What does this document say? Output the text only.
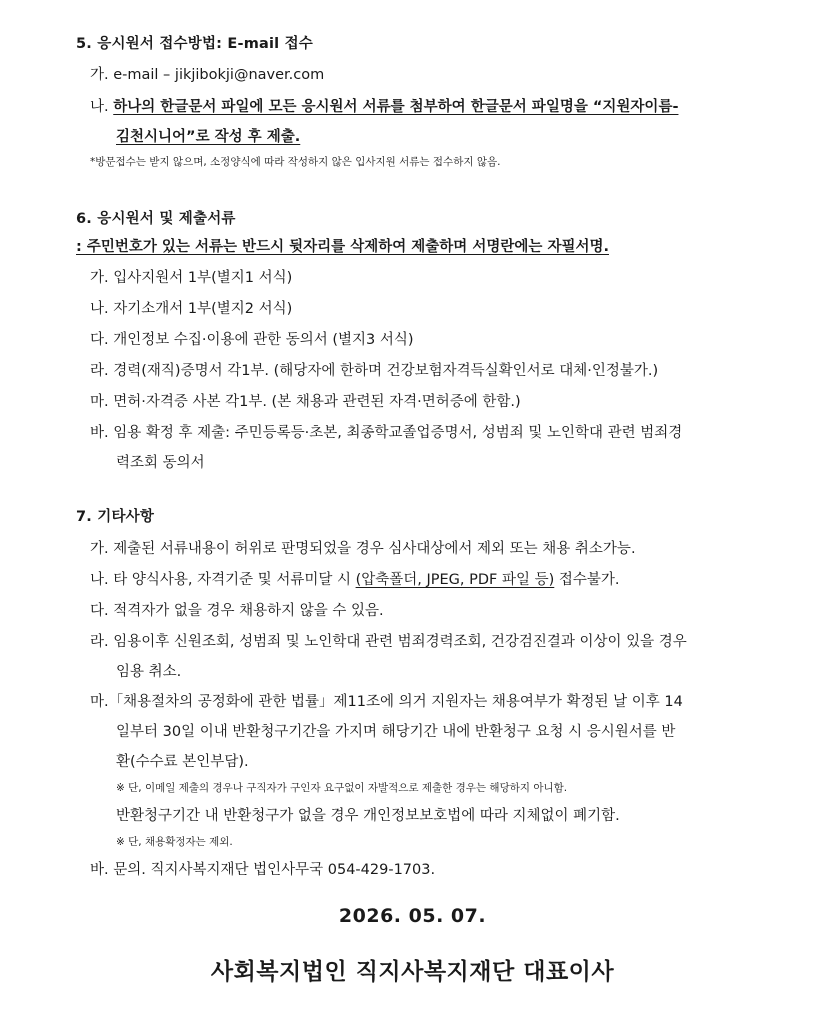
5. 응시원서 접수방법: E-mail 접수
가. e-mail – jikjibokji@naver.com
나. 하나의 한글문서 파일에 모든 응시원서 서류를 첨부하여 한글문서 파일명을 “지원자이름-
김천시니어”로 작성 후 제출.
*방문접수는 받지 않으며, 소정양식에 따라 작성하지 않은 입사지원 서류는 접수하지 않음.
6. 응시원서 및 제출서류
: 주민번호가 있는 서류는 반드시 뒷자리를 삭제하여 제출하며 서명란에는 자필서명.
가. 입사지원서 1부(별지1 서식)
나. 자기소개서 1부(별지2 서식)
다. 개인정보 수집·이용에 관한 동의서 (별지3 서식)
라. 경력(재직)증명서 각1부. (해당자에 한하며 건강보험자격득실확인서로 대체·인정불가.)
마. 면허·자격증 사본 각1부. (본 채용과 관련된 자격·면허증에 한함.)
바. 임용 확정 후 제출: 주민등록등·초본, 최종학교졸업증명서, 성범죄 및 노인학대 관련 범죄경
력조회 동의서
7. 기타사항
가. 제출된 서류내용이 허위로 판명되었을 경우 심사대상에서 제외 또는 채용 취소가능.
나. 타 양식사용, 자격기준 및 서류미달 시 (압축폴더, JPEG, PDF 파일 등) 접수불가.
다. 적격자가 없을 경우 채용하지 않을 수 있음.
라. 임용이후 신원조회, 성범죄 및 노인학대 관련 범죄경력조회, 건강검진결과 이상이 있을 경우
임용 취소.
마.「채용절차의 공정화에 관한 법률」제11조에 의거 지원자는 채용여부가 확정된 날 이후 14
일부터 30일 이내 반환청구기간을 가지며 해당기간 내에 반환청구 요청 시 응시원서를 반
환(수수료 본인부담).
※ 단, 이메일 제출의 경우나 구직자가 구인자 요구없이 자발적으로 제출한 경우는 해당하지 아니함.
반환청구기간 내 반환청구가 없을 경우 개인정보보호법에 따라 지체없이 폐기함.
※ 단, 채용확정자는 제외.
바. 문의. 직지사복지재단 법인사무국 054-429-1703.
2026. 05. 07.
사회복지법인 직지사복지재단 대표이사
